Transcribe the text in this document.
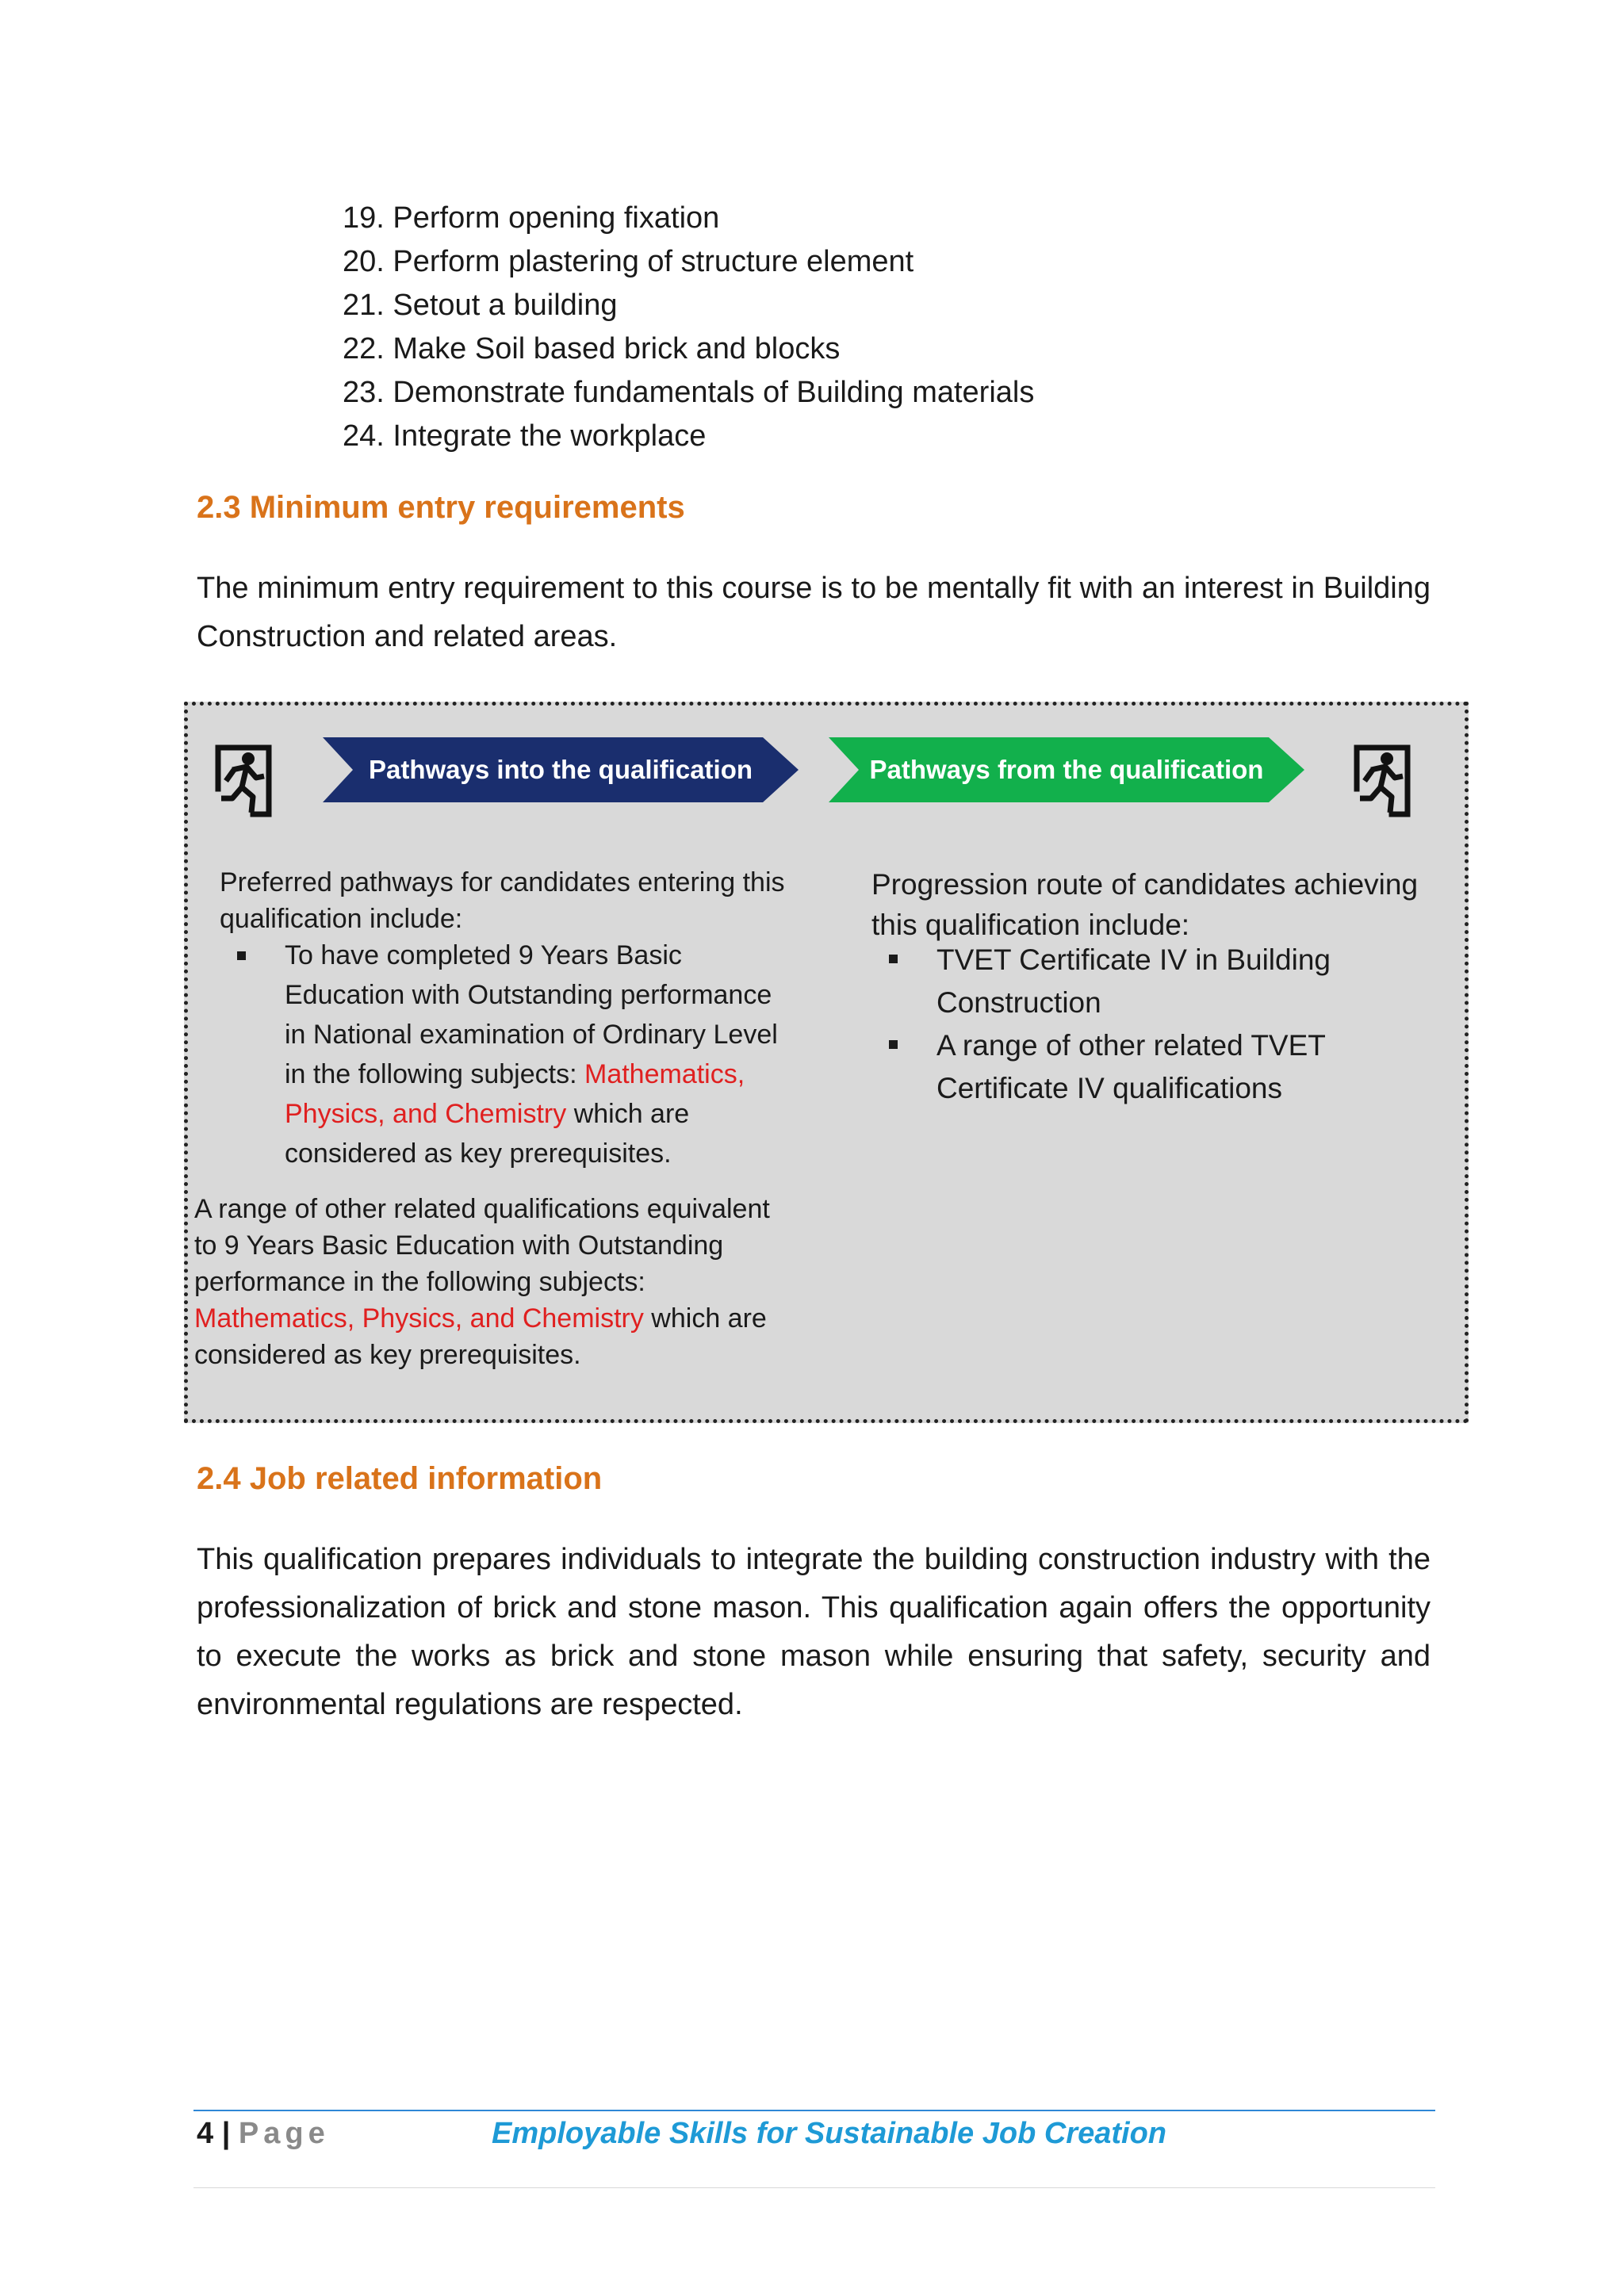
19. Perform opening fixation
20. Perform plastering of structure element
21. Setout a building
22. Make Soil based brick and blocks
23. Demonstrate fundamentals of Building materials
24. Integrate the workplace
2.3 Minimum entry requirements

The minimum entry requirement to this course is to be mentally fit with an interest in Building Construction and related areas.

Pathways into the qualification	Pathways from the qualification

Preferred pathways for candidates entering this qualification include:

To have completed 9 Years Basic Education with Outstanding performance in National examination of Ordinary Level in the following subjects: Mathematics, Physics, and Chemistry which are considered as key prerequisites.
A range of other related qualifications equivalent to 9 Years Basic Education with Outstanding performance in the following subjects: Mathematics, Physics, and Chemistry which are considered as key prerequisites.

Progression route of candidates achieving this qualification include:

TVET Certificate IV in Building Construction
A range of other related TVET Certificate IV qualifications
2.4 Job related information

This qualification prepares individuals to integrate the building construction industry with the professionalization of brick and stone mason. This qualification again offers the opportunity to execute the works as brick and stone mason while ensuring that safety, security and environmental regulations are respected.

4 | Page	Employable Skills for Sustainable Job Creation
